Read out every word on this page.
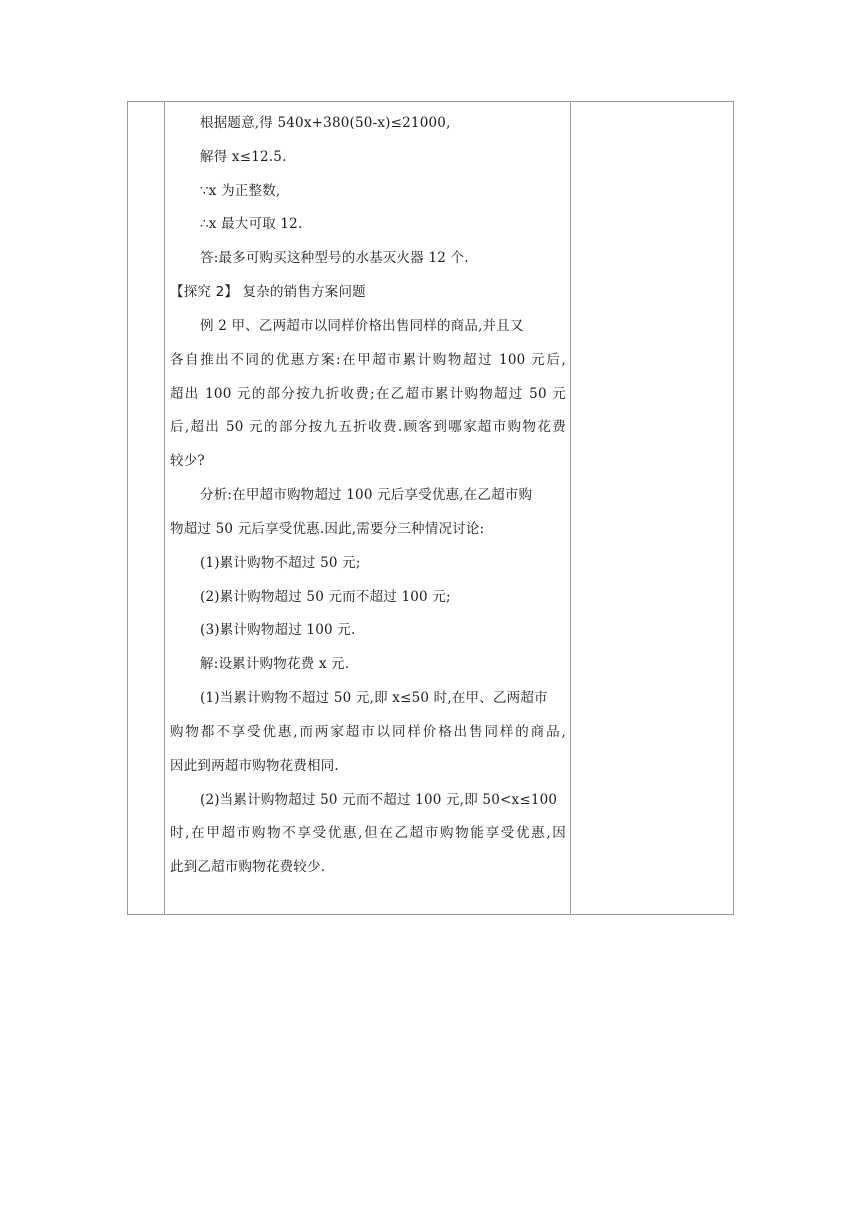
根据题意,得 540x+380(50-x)≤21000,
解得 x≤12.5.
∵x 为正整数,
∴x 最大可取 12.
答:最多可购买这种型号的水基灭火器 12 个.
【探究 2】 复杂的销售方案问题
例 2 甲、乙两超市以同样价格出售同样的商品,并且又
各自推出不同的优惠方案:在甲超市累计购物超过 100 元后,
超出 100 元的部分按九折收费;在乙超市累计购物超过 50 元
后,超出 50 元的部分按九五折收费.顾客到哪家超市购物花费
较少?
分析:在甲超市购物超过 100 元后享受优惠,在乙超市购
物超过 50 元后享受优惠.因此,需要分三种情况讨论:
(1)累计购物不超过 50 元;
(2)累计购物超过 50 元而不超过 100 元;
(3)累计购物超过 100 元.
解:设累计购物花费 x 元.
(1)当累计购物不超过 50 元,即 x≤50 时,在甲、乙两超市
购物都不享受优惠,而两家超市以同样价格出售同样的商品,
因此到两超市购物花费相同.
(2)当累计购物超过 50 元而不超过 100 元,即 50<x≤100
时,在甲超市购物不享受优惠,但在乙超市购物能享受优惠,因
此到乙超市购物花费较少.
